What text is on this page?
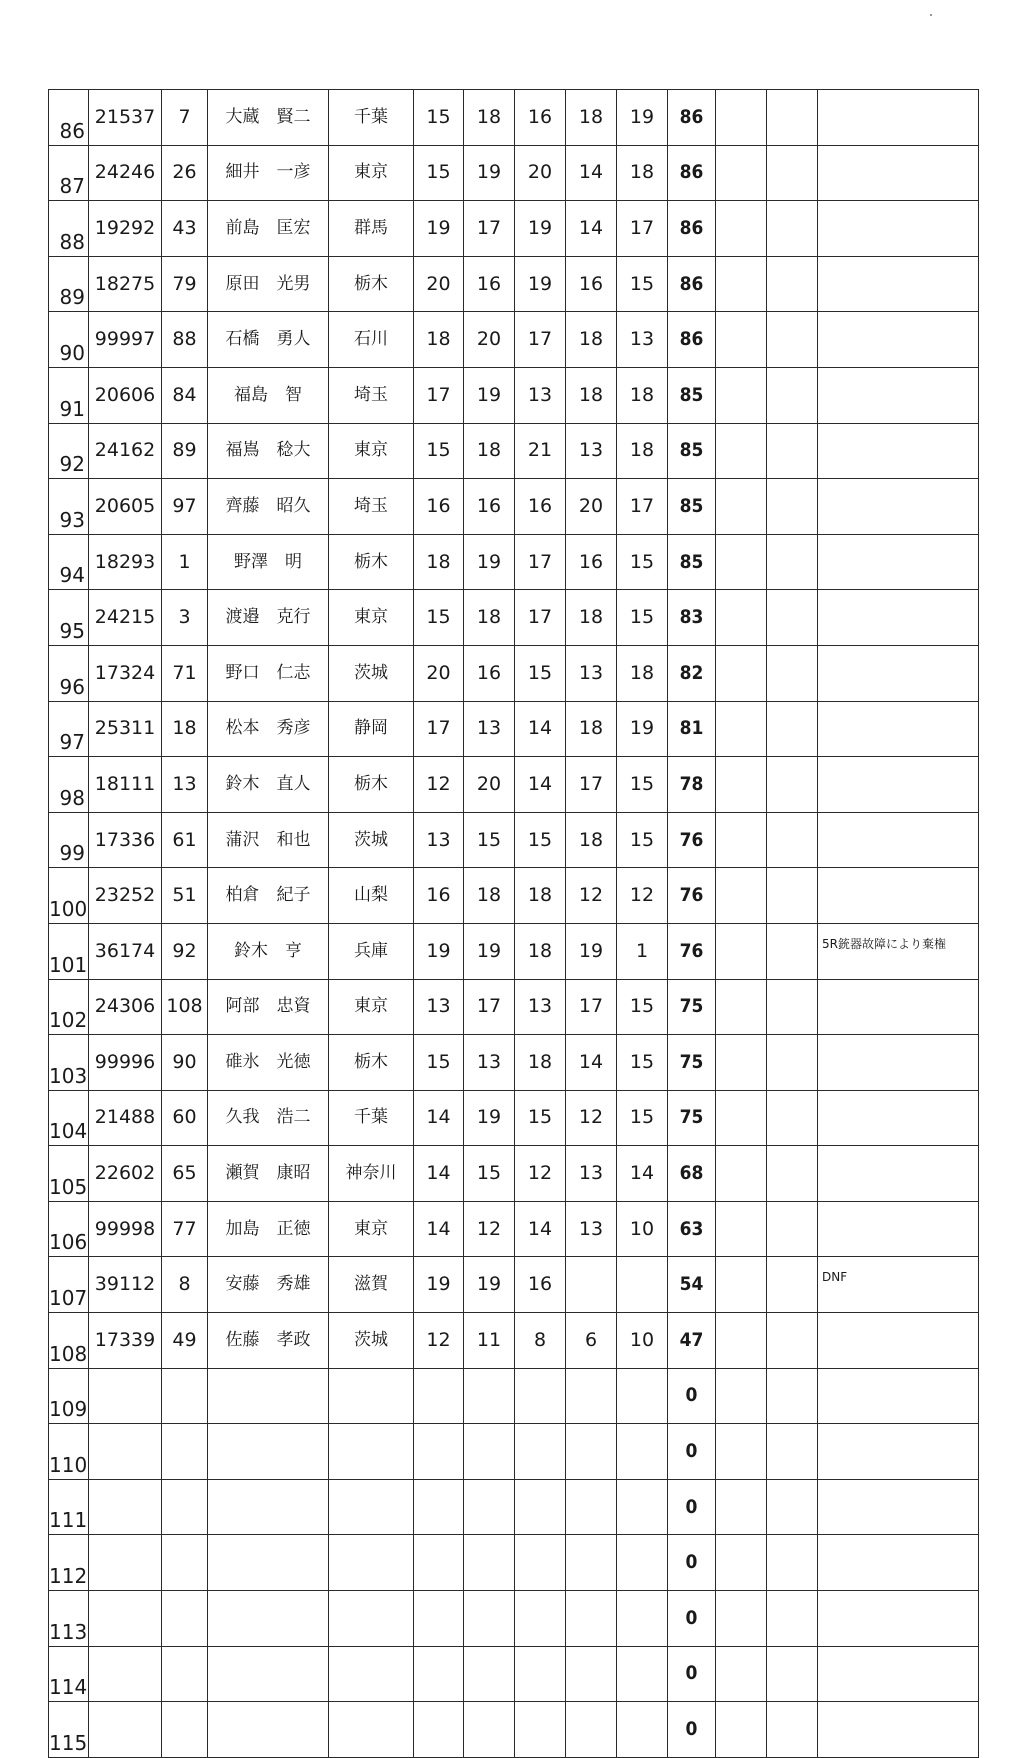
86	21537	7	大蔵　賢二	千葉	15	18	16	18	19	86			
87	24246	26	細井　一彦	東京	15	19	20	14	18	86			
88	19292	43	前島　匡宏	群馬	19	17	19	14	17	86			
89	18275	79	原田　光男	栃木	20	16	19	16	15	86			
90	99997	88	石橋　勇人	石川	18	20	17	18	13	86			
91	20606	84	福島　智	埼玉	17	19	13	18	18	85			
92	24162	89	福嶌　稔大	東京	15	18	21	13	18	85			
93	20605	97	齊藤　昭久	埼玉	16	16	16	20	17	85			
94	18293	1	野澤　明	栃木	18	19	17	16	15	85			
95	24215	3	渡邉　克行	東京	15	18	17	18	15	83			
96	17324	71	野口　仁志	茨城	20	16	15	13	18	82			
97	25311	18	松本　秀彦	静岡	17	13	14	18	19	81			
98	18111	13	鈴木　直人	栃木	12	20	14	17	15	78			
99	17336	61	蒲沢　和也	茨城	13	15	15	18	15	76			
100	23252	51	柏倉　紀子	山梨	16	18	18	12	12	76			
101	36174	92	鈴木　亨	兵庫	19	19	18	19	1	76			5R銃器故障により棄権
102	24306	108	阿部　忠資	東京	13	17	13	17	15	75			
103	99996	90	碓氷　光徳	栃木	15	13	18	14	15	75			
104	21488	60	久我　浩二	千葉	14	19	15	12	15	75			
105	22602	65	瀬賀　康昭	神奈川	14	15	12	13	14	68			
106	99998	77	加島　正徳	東京	14	12	14	13	10	63			
107	39112	8	安藤　秀雄	滋賀	19	19	16			54			DNF
108	17339	49	佐藤　孝政	茨城	12	11	8	6	10	47			
109										0			
110										0			
111										0			
112										0			
113										0			
114										0			
115										0			
